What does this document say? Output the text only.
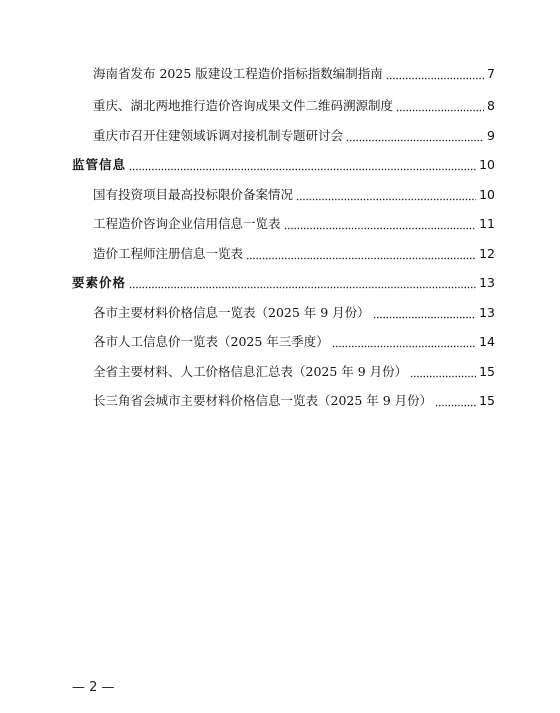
海南省发布 2025 版建设工程造价指标指数编制指南	7
重庆、湖北两地推行造价咨询成果文件二维码溯源制度	8
重庆市召开住建领域诉调对接机制专题研讨会	9
监管信息	10
国有投资项目最高投标限价备案情况	10
工程造价咨询企业信用信息一览表	11
造价工程师注册信息一览表	12
要素价格	13
各市主要材料价格信息一览表（2025 年 9 月份）	13
各市人工信息价一览表（2025 年三季度）	14
全省主要材料、人工价格信息汇总表（2025 年 9 月份）	15
长三角省会城市主要材料价格信息一览表（2025 年 9 月份）	15
— 2 —
